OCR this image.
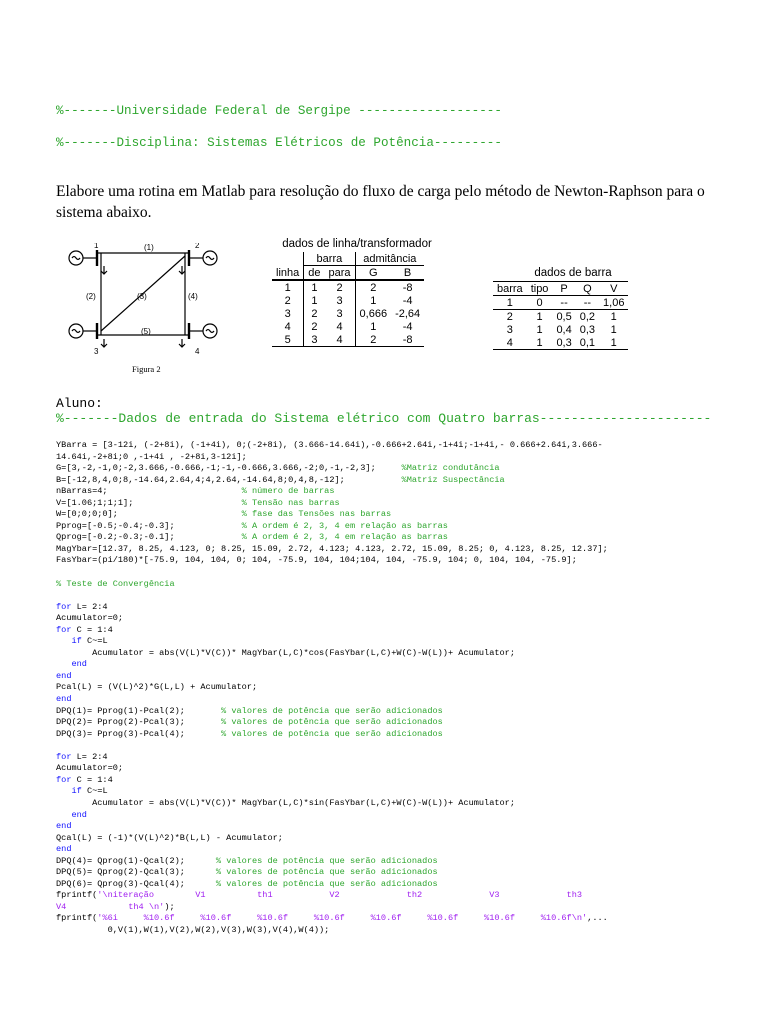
%-------Universidade Federal de Sergipe -------------------
%-------Disciplina: Sistemas Elétricos de Potência---------
Elabore uma rotina em Matlab para resolução do fluxo de carga pelo método de Newton-Raphson para o sistema abaixo.
1	2
3	4
(1)
(2)	(3)	(4)
(5)
Figura 2
dados de linha/transformador
linha	barra		admitância	
	de	para	G	B
1	1	2	2	-8
2	1	3	1	-4
3	2	3	0,666	-2,64
4	2	4	1	-4
5	3	4	2	-8
dados de barra
barra	tipo	P	Q	V
1	0	--	--	1,06
2	1	0,5	0,2	1
3	1	0,4	0,3	1
4	1	0,3	0,1	1
Aluno:
%-------Dados de entrada do Sistema elétrico com Quatro barras----------------------
YBarra = [3-12i, (-2+8i), (-1+4i), 0;(-2+8i), (3.666-14.64i),-0.666+2.64i,-1+4i;-1+4i,- 0.666+2.64i,3.666-
14.64i,-2+8i;0 ,-1+4i , -2+8i,3-12i];
G=[3,-2,-1,0;-2,3.666,-0.666,-1;-1,-0.666,3.666,-2;0,-1,-2,3];     %Matriz condutância
B=[-12,8,4,0;8,-14.64,2.64,4;4,2.64,-14.64,8;0,4,8,-12];           %Matriz Suspectância
nBarras=4;                          % número de barras
V=[1.06;1;1;1];                     % Tensão nas barras
W=[0;0;0;0];                        % fase das Tensões nas barras
Pprog=[-0.5;-0.4;-0.3];             % A ordem é 2, 3, 4 em relação as barras
Qprog=[-0.2;-0.3;-0.1];             % A ordem é 2, 3, 4 em relação as barras
MagYbar=[12.37, 8.25, 4.123, 0; 8.25, 15.09, 2.72, 4.123; 4.123, 2.72, 15.09, 8.25; 0, 4.123, 8.25, 12.37];
FasYbar=(pi/180)*[-75.9, 104, 104, 0; 104, -75.9, 104, 104;104, 104, -75.9, 104; 0, 104, 104, -75.9];
% Teste de Convergência
for L= 2:4
Acumulator=0;
for C = 1:4
if C~=L
Acumulator = abs(V(L)*V(C))* MagYbar(L,C)*cos(FasYbar(L,C)+W(C)-W(L))+ Acumulator;
end
end
Pcal(L) = (V(L)^2)*G(L,L) + Acumulator;
end
DPQ(1)= Pprog(1)-Pcal(2);       % valores de potência que serão adicionados
DPQ(2)= Pprog(2)-Pcal(3);       % valores de potência que serão adicionados
DPQ(3)= Pprog(3)-Pcal(4);       % valores de potência que serão adicionados
for L= 2:4
Acumulator=0;
for C = 1:4
if C~=L
Acumulator = abs(V(L)*V(C))* MagYbar(L,C)*sin(FasYbar(L,C)+W(C)-W(L))+ Acumulator;
end
end
Qcal(L) = (-1)*(V(L)^2)*B(L,L) - Acumulator;
end
DPQ(4)= Qprog(1)-Qcal(2);      % valores de potência que serão adicionados
DPQ(5)= Qprog(2)-Qcal(3);      % valores de potência que serão adicionados
DPQ(6)= Qprog(3)-Qcal(4);      % valores de potência que serão adicionados
fprintf('\niteração        V1          th1           V2             th2             V3             th3
V4            th4 \n');
fprintf('%6i     %10.6f     %10.6f     %10.6f     %10.6f     %10.6f     %10.6f     %10.6f     %10.6f\n',...
0,V(1),W(1),V(2),W(2),V(3),W(3),V(4),W(4));
